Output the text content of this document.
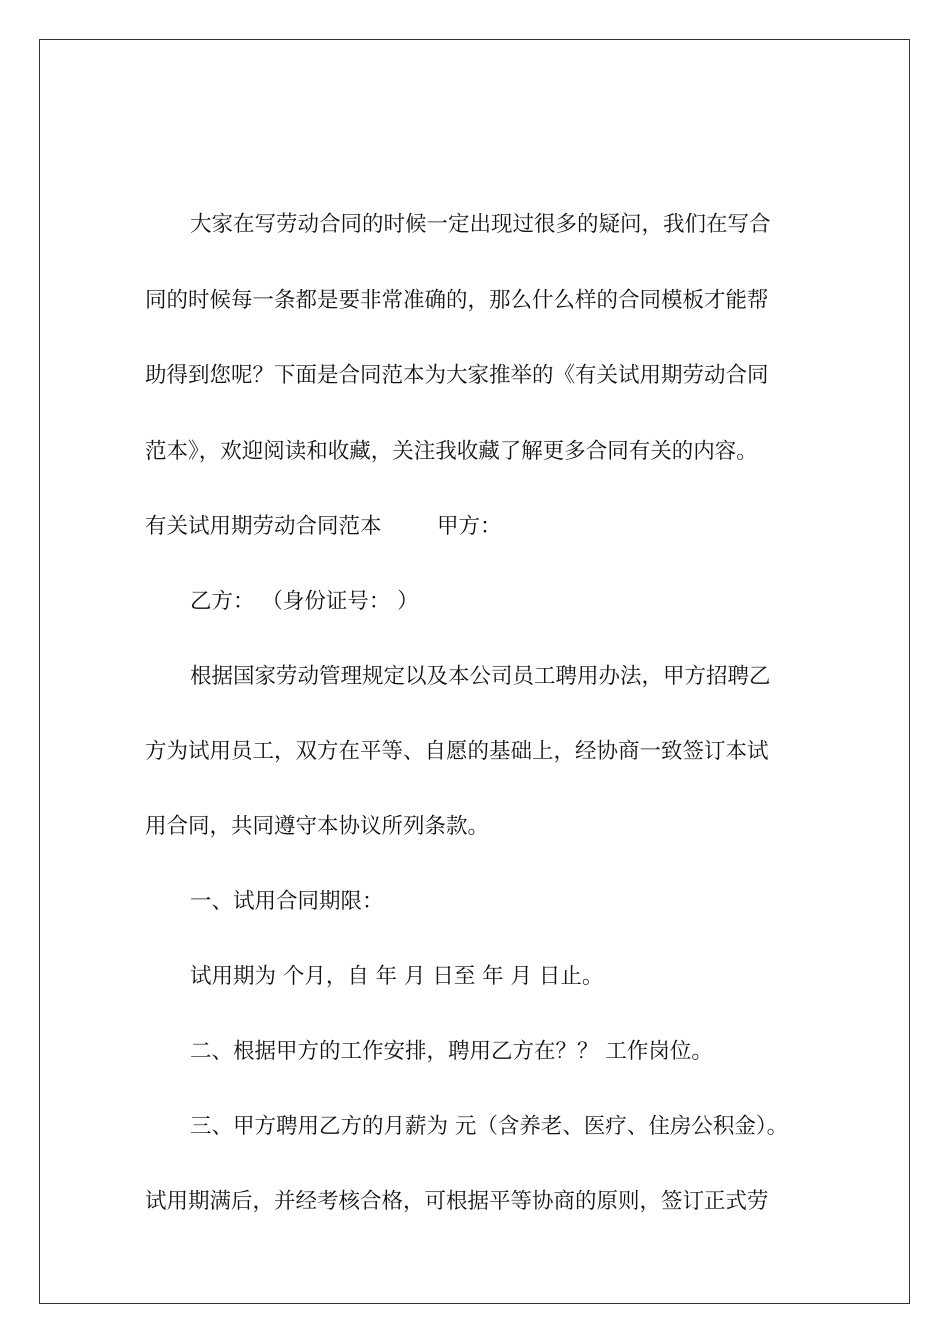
大家在写劳动合同的时候一定出现过很多的疑问，我们在写合
同的时候每一条都是要非常准确的，那么什么样的合同模板才能帮
助得到您呢？下面是合同范本为大家推举的《有关试用期劳动合同
范本》，欢迎阅读和收藏，关注我收藏了解更多合同有关的内容。
有关试用期劳动合同范本	甲方：
乙方： （身份证号： ）
根据国家劳动管理规定以及本公司员工聘用办法，甲方招聘乙
方为试用员工，双方在平等、自愿的基础上，经协商一致签订本试
用合同，共同遵守本协议所列条款。
一、试用合同期限：
试用期为 个月，自 年 月 日至 年 月 日止。
二、根据甲方的工作安排，聘用乙方在？？ 工作岗位。
三、甲方聘用乙方的月薪为 元（含养老、医疗、住房公积金）。
试用期满后，并经考核合格，可根据平等协商的原则，签订正式劳
